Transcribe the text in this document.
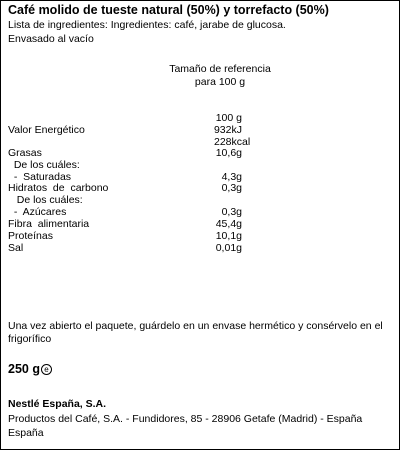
Café molido de tueste natural (50%) y torrefacto (50%)
Lista de ingredientes: Ingredientes: café, jarabe de glucosa.
Envasado al vacío
Tamaño de referencia
para 100 g
100 g
Valor Energético	932kJ
228kcal
Grasas	10,6g
De los cuáles:
-  Saturadas	4,3g
Hidratos  de  carbono	0,3g
De los cuáles:
-  Azúcares	0,3g
Fibra  alimentaria	45,4g
Proteínas	10,1g
Sal	0,01g
Una vez abierto el paquete, guárdelo en un envase hermético y consérvelo en el
frigorífico
250 g e
Nestlé España, S.A.
Productos del Café, S.A. - Fundidores, 85 - 28906 Getafe (Madrid) - España
España
